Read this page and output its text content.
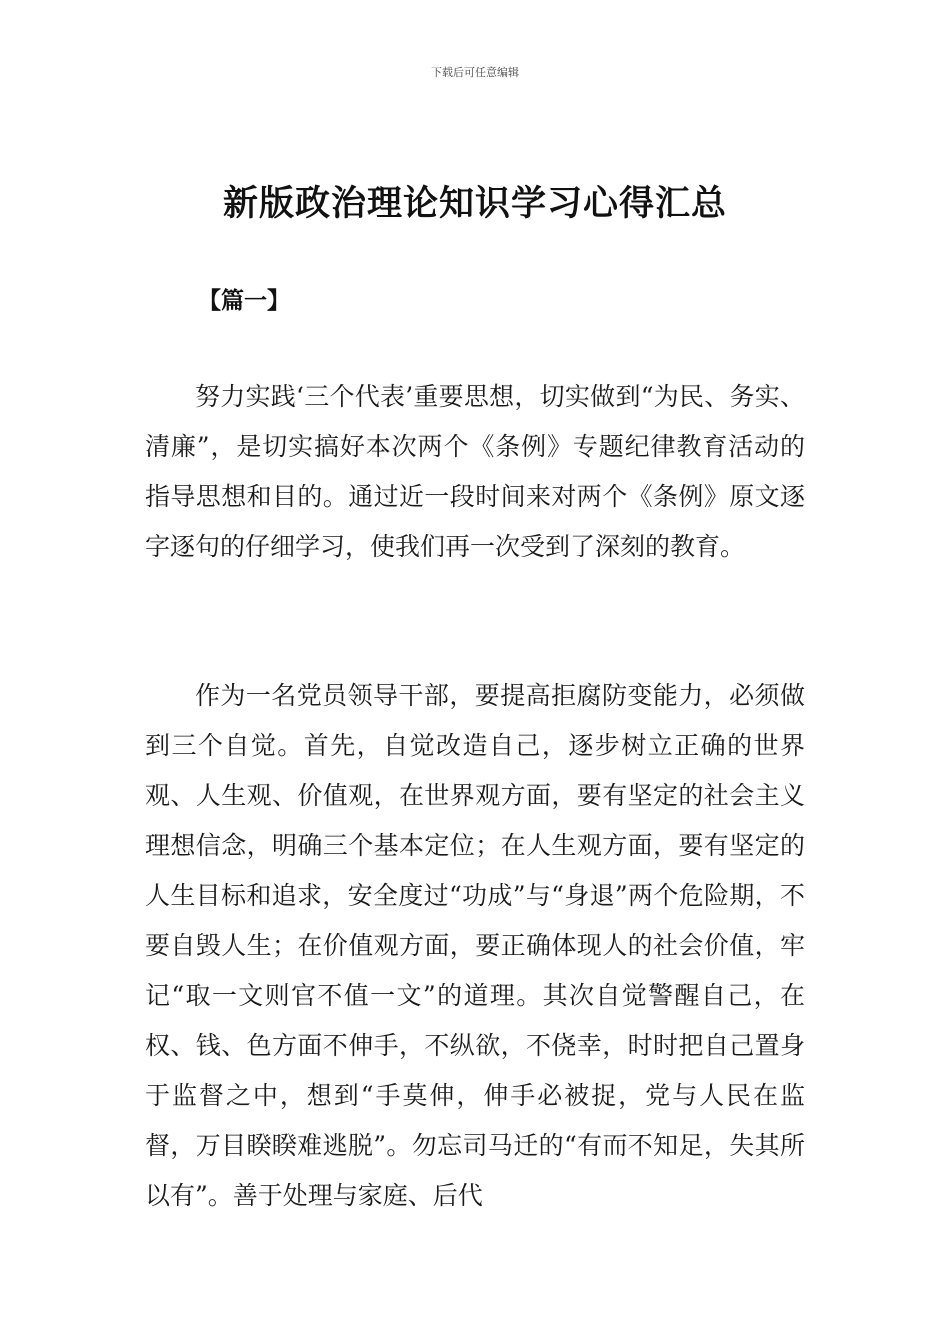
下载后可任意编辑
新版政治理论知识学习心得汇总
【篇一】

努力实践‘三个代表’重要思想，切实做到“为民、务实、清廉”，是切实搞好本次两个《条例》专题纪律教育活动的指导思想和目的。通过近一段时间来对两个《条例》原文逐字逐句的仔细学习，使我们再一次受到了深刻的教育。

作为一名党员领导干部，要提高拒腐防变能力，必须做到三个自觉。首先，自觉改造自己，逐步树立正确的世界观、人生观、价值观，在世界观方面，要有坚定的社会主义理想信念，明确三个基本定位；在人生观方面，要有坚定的人生目标和追求，安全度过“功成”与“身退”两个危险期，不要自毁人生；在价值观方面，要正确体现人的社会价值，牢记“取一文则官不值一文”的道理。其次自觉警醒自己，在权、钱、色方面不伸手，不纵欲，不侥幸，时时把自己置身于监督之中，想到“手莫伸，伸手必被捉，党与人民在监督，万目睽睽难逃脱”。勿忘司马迁的“有而不知足，失其所以有”。善于处理与家庭、后代
